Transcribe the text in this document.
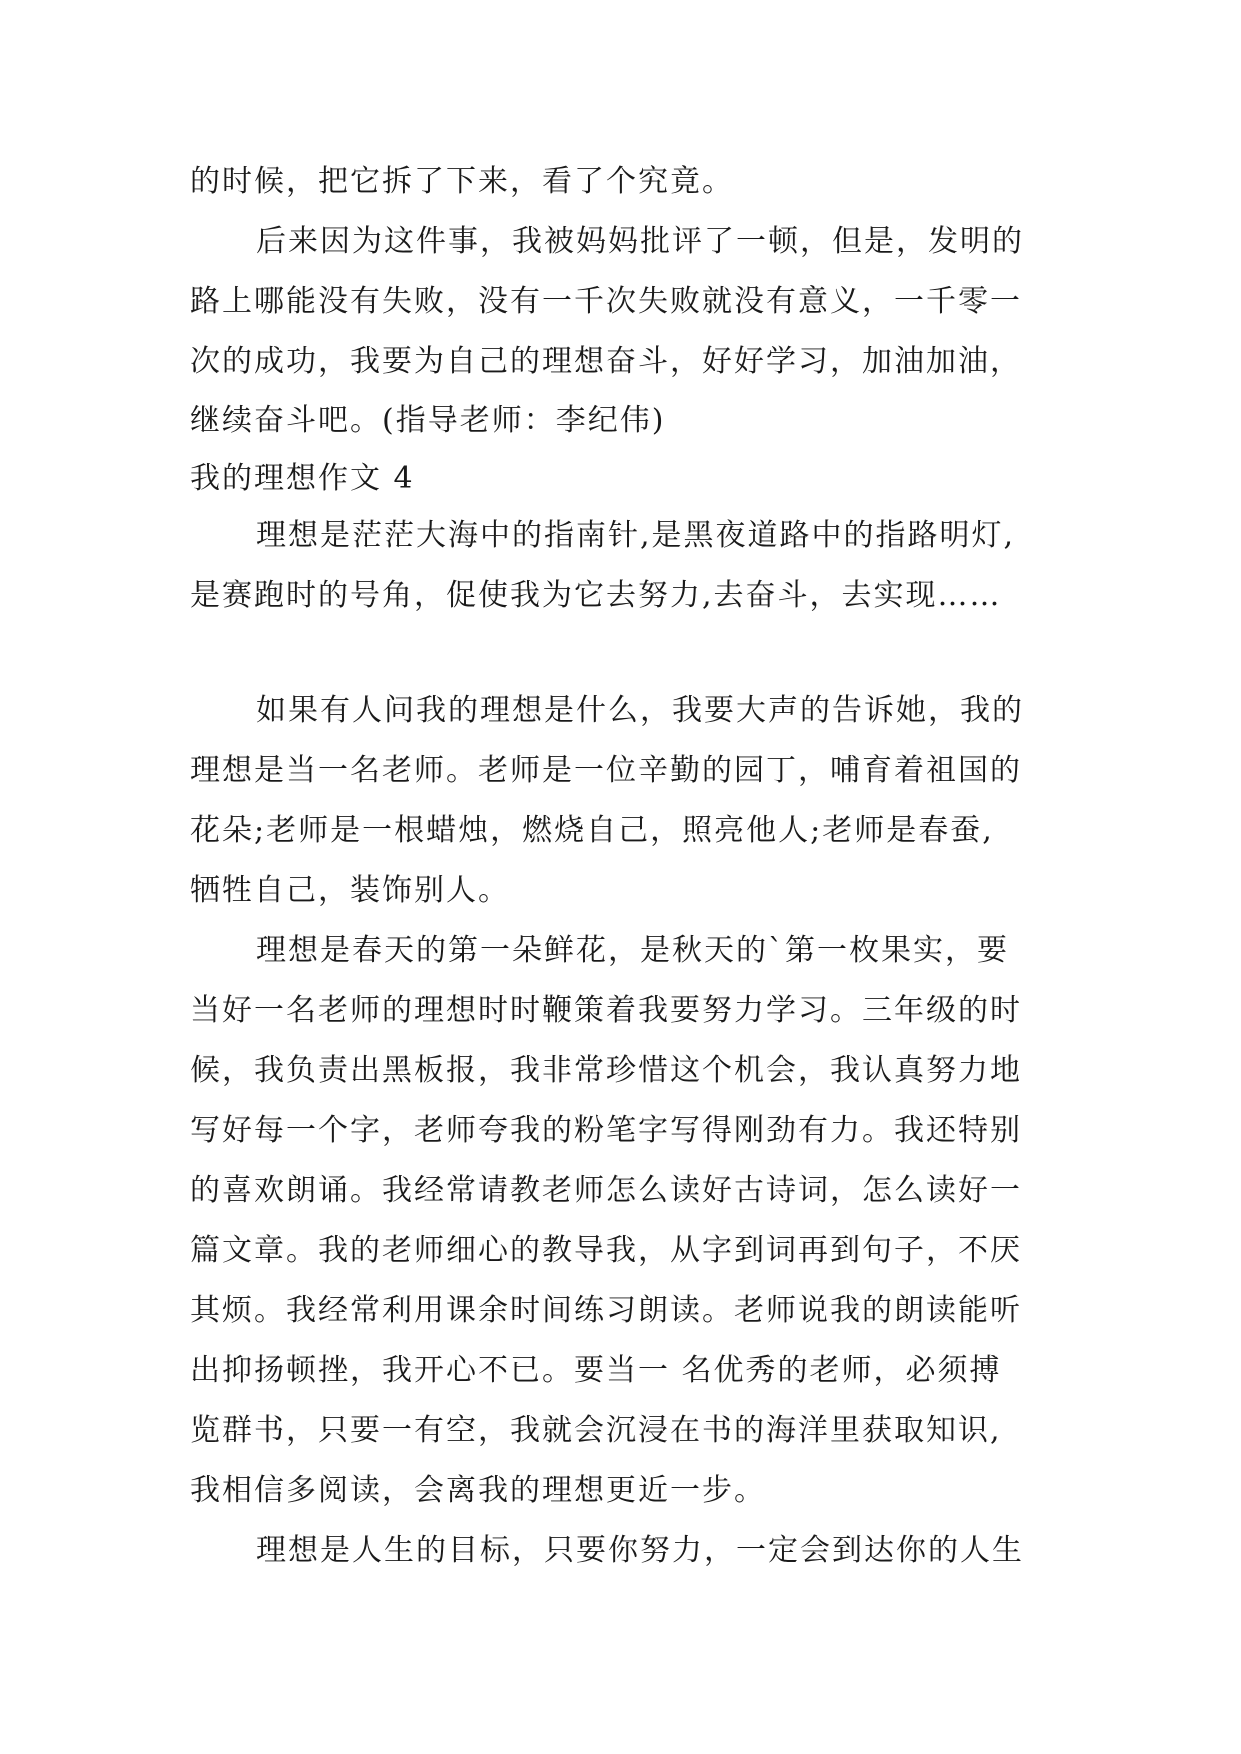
的时候，把它拆了下来，看了个究竟。
后来因为这件事，我被妈妈批评了一顿，但是，发明的
路上哪能没有失败，没有一千次失败就没有意义，一千零一
次的成功，我要为自己的理想奋斗，好好学习，加油加油，
继续奋斗吧。(指导老师：李纪伟)
我的理想作文 4
理想是茫茫大海中的指南针,是黑夜道路中的指路明灯,
是赛跑时的号角，促使我为它去努力,去奋斗，去实现……
如果有人问我的理想是什么，我要大声的告诉她，我的
理想是当一名老师。老师是一位辛勤的园丁，哺育着祖国的
花朵;老师是一根蜡烛，燃烧自己，照亮他人;老师是春蚕,
牺牲自己，装饰别人。
理想是春天的第一朵鲜花，是秋天的`第一枚果实，要
当好一名老师的理想时时鞭策着我要努力学习。三年级的时
候，我负责出黑板报，我非常珍惜这个机会，我认真努力地
写好每一个字，老师夸我的粉笔字写得刚劲有力。我还特别
的喜欢朗诵。我经常请教老师怎么读好古诗词，怎么读好一
篇文章。我的老师细心的教导我，从字到词再到句子，不厌
其烦。我经常利用课余时间练习朗读。老师说我的朗读能听
出抑扬顿挫，我开心不已。要当一 名优秀的老师，必须搏
览群书，只要一有空，我就会沉浸在书的海洋里获取知识,
我相信多阅读，会离我的理想更近一步。
理想是人生的目标，只要你努力，一定会到达你的人生
